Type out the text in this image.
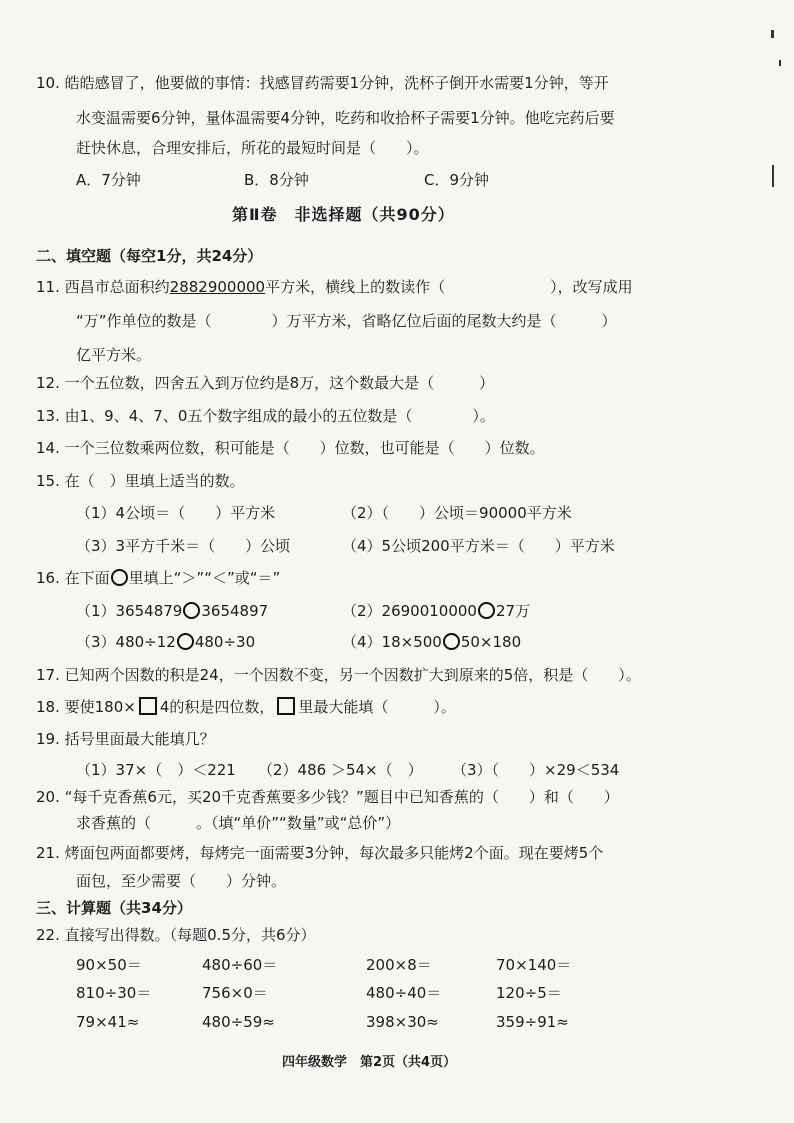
10. 皓皓感冒了，他要做的事情：找感冒药需要1分钟，洗杯子倒开水需要1分钟，等开
水变温需要6分钟，量体温需要4分钟，吃药和收拾杯子需要1分钟。他吃完药后要
赶快休息，合理安排后，所花的最短时间是（　　）。
A．7分钟	B．8分钟	C．9分钟
第Ⅱ卷　非选择题（共90分）
二、填空题（每空1分，共24分）
11. 西昌市总面积约2882900000平方米，横线上的数读作（　　　　　　　），改写成用
“万”作单位的数是（　　　　）万平方米，省略亿位后面的尾数大约是（　　　）
亿平方米。
12. 一个五位数，四舍五入到万位约是8万，这个数最大是（　　　）
13. 由1、9、4、7、0五个数字组成的最小的五位数是（　　　　）。
14. 一个三位数乘两位数，积可能是（　　）位数，也可能是（　　）位数。
15. 在（　）里填上适当的数。
（1）4公顷＝（　　）平方米	（2）（　　）公顷＝90000平方米
（3）3平方千米＝（　　）公顷	（4）5公顷200平方米＝（　　）平方米
16. 在下面 里填上“＞”“＜”或“＝”
（1）3654879 3654897	（2）2690010000 27万
（3）480÷12 480÷30	（4）18×500 50×180
17. 已知两个因数的积是24，一个因数不变，另一个因数扩大到原来的5倍，积是（　　）。
18. 要使180× 4的积是四位数， 里最大能填（　　　）。
19. 括号里面最大能填几？
（1）37×（　）＜221 （2）486 ＞54×（　） （3）（　　）×29＜534
20. “每千克香蕉6元，买20千克香蕉要多少钱？”题目中已知香蕉的（　　）和（　　）
求香蕉的（　　　。（填“单价”“数量”或“总价”）
21. 烤面包两面都要烤，每烤完一面需要3分钟，每次最多只能烤2个面。现在要烤5个
面包，至少需要（　　）分钟。
三、计算题（共34分）
22. 直接写出得数。（每题0.5分，共6分）
90×50＝	480÷60＝	200×8＝	70×140＝
810÷30＝	756×0＝	480÷40＝	120÷5＝
79×41≈	480÷59≈	398×30≈	359÷91≈
四年级数学　第2页（共4页）
